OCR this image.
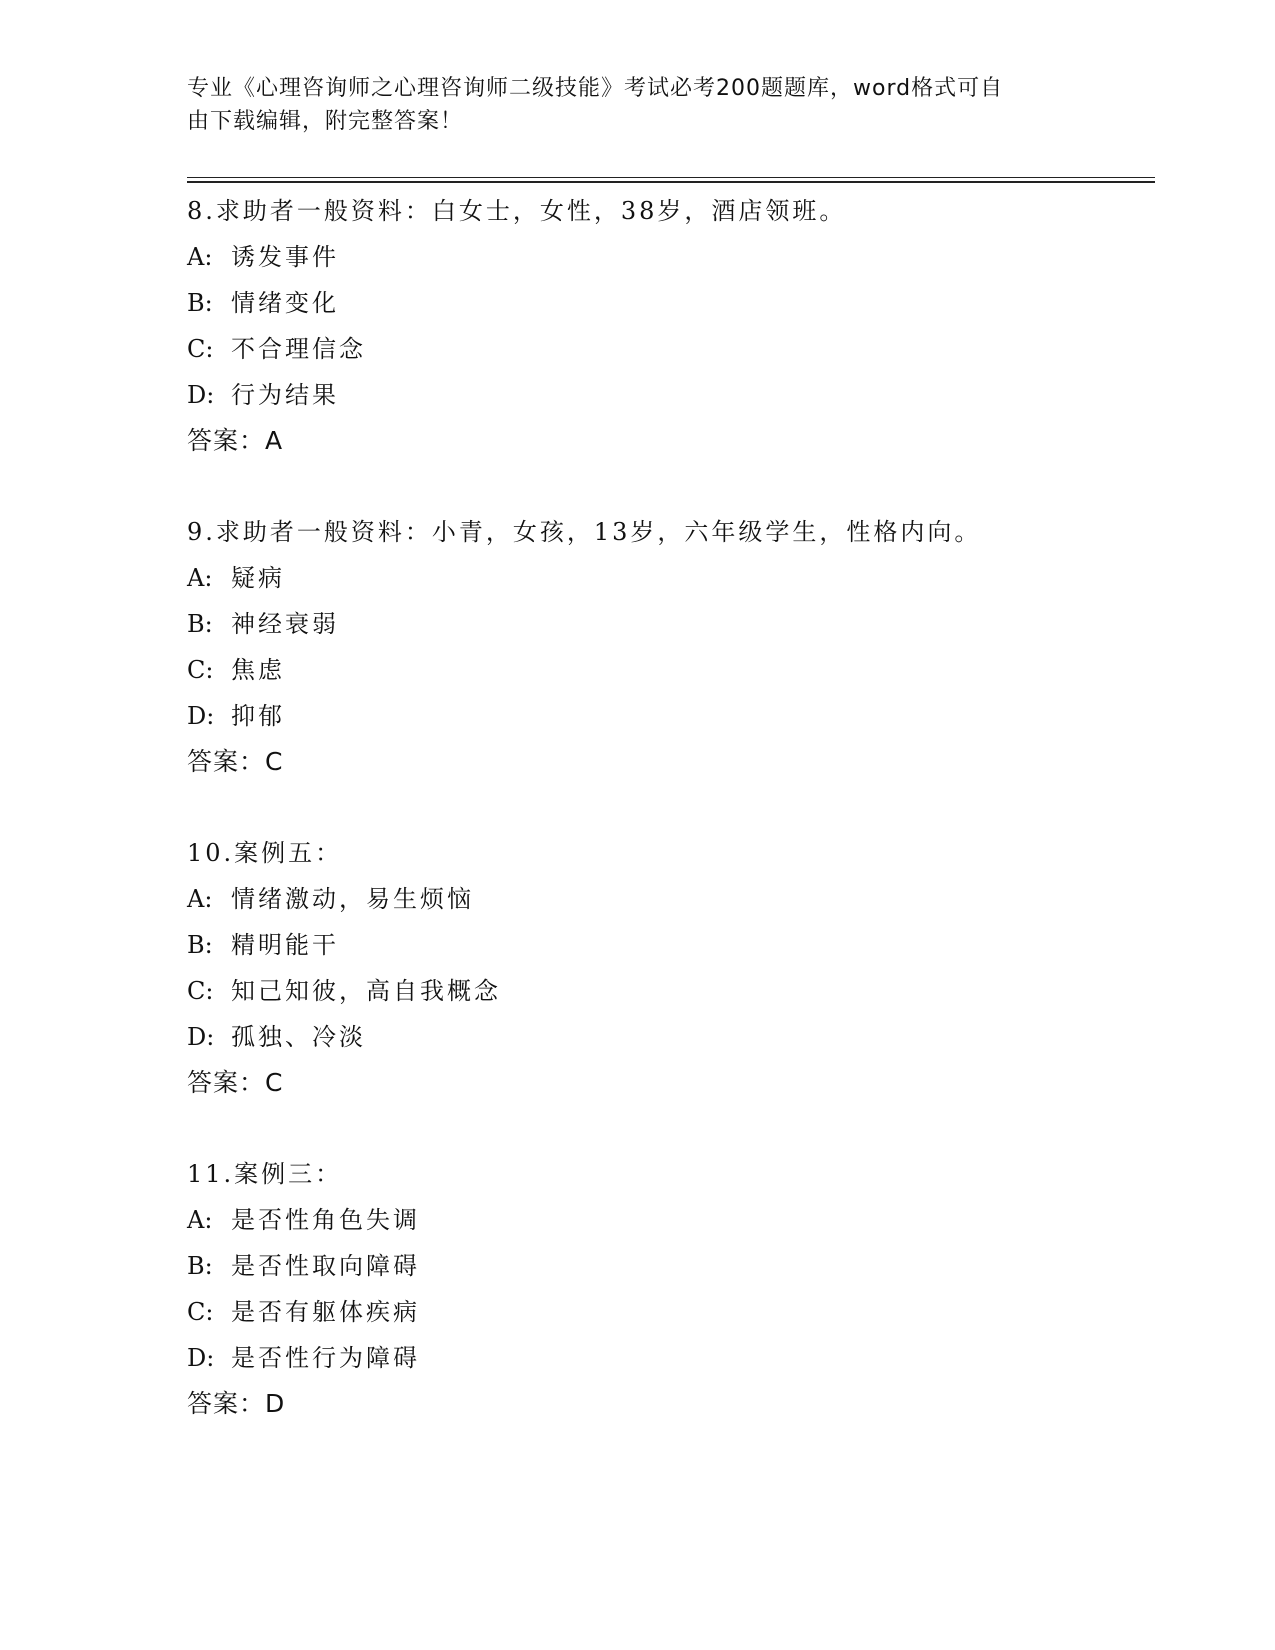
专业《心理咨询师之心理咨询师二级技能》考试必考200题题库，word格式可自
由下载编辑，附完整答案！
8.求助者一般资料：白女士，女性，38岁，酒店领班。
A: 诱发事件
B: 情绪变化
C: 不合理信念
D: 行为结果
答案：A
9.求助者一般资料：小青，女孩，13岁，六年级学生，性格内向。
A: 疑病
B: 神经衰弱
C: 焦虑
D: 抑郁
答案：C
10.案例五：
A: 情绪激动，易生烦恼
B: 精明能干
C: 知己知彼，高自我概念
D: 孤独、冷淡
答案：C
11.案例三：
A: 是否性角色失调
B: 是否性取向障碍
C: 是否有躯体疾病
D: 是否性行为障碍
答案：D
